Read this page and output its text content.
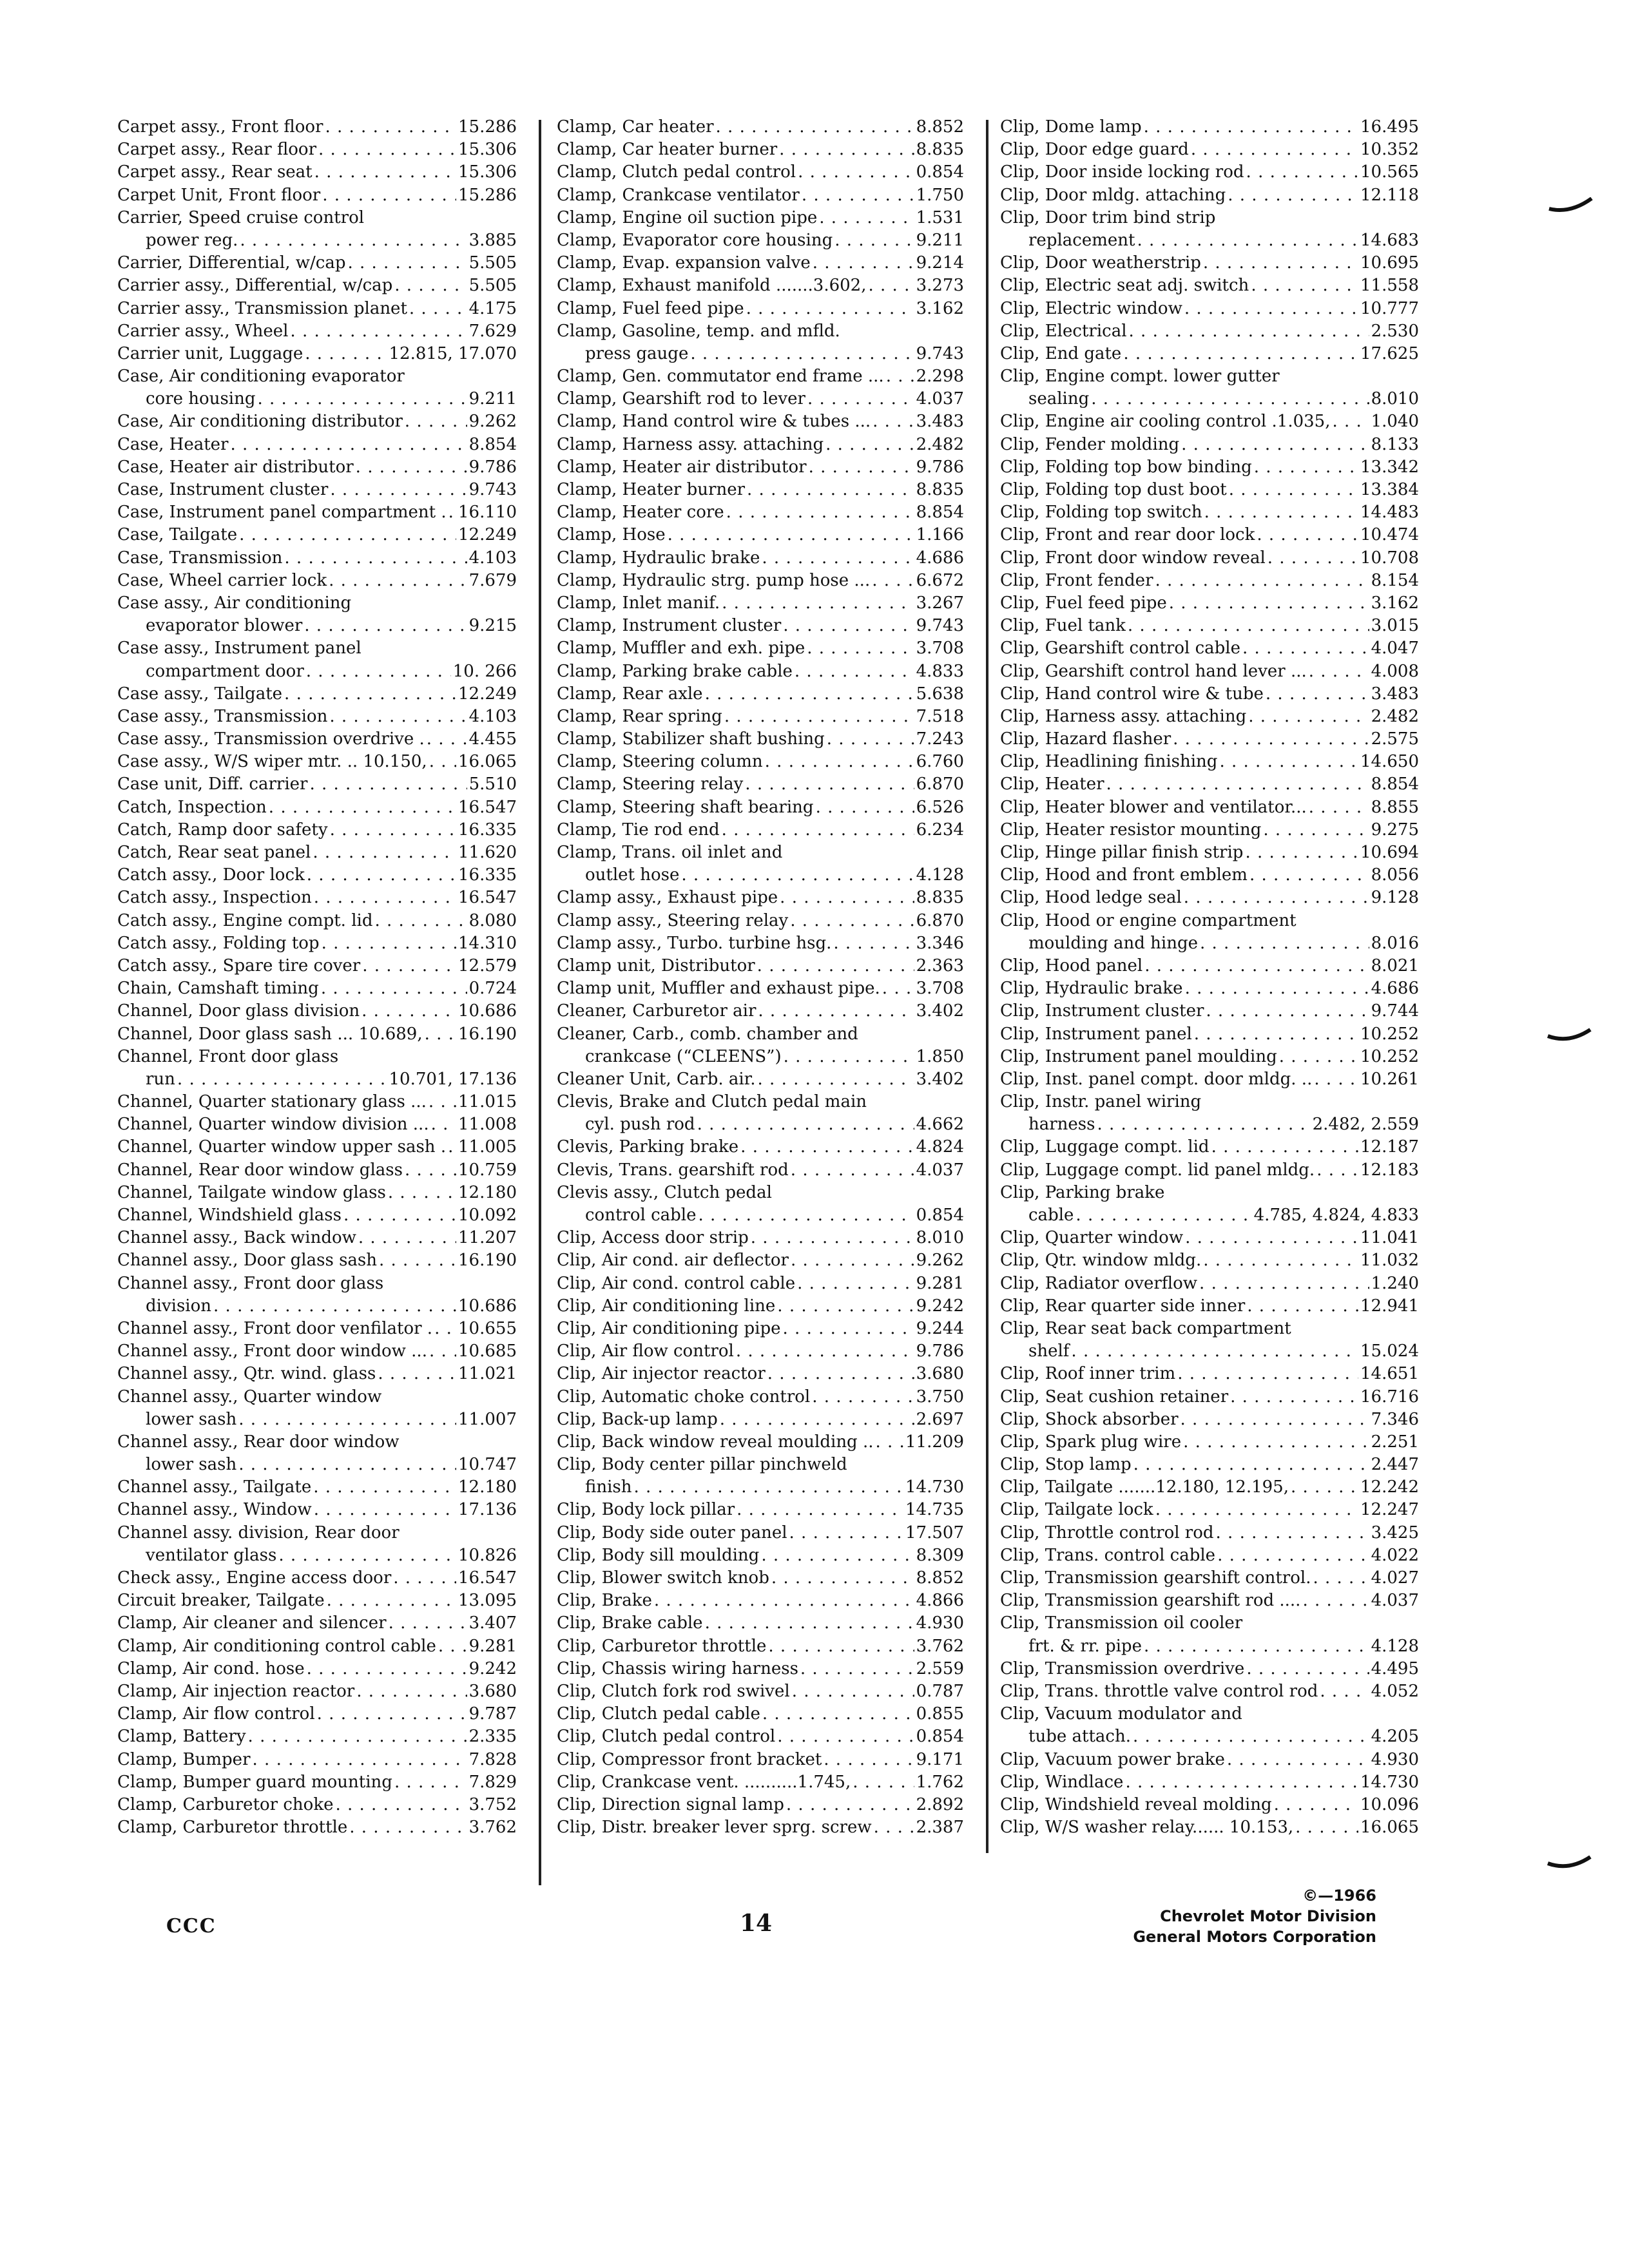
Carpet assy., Front floor . . .	15.286
Carpet assy., Rear floor . . .	15.306
Carpet assy., Rear seat . . .	15.306
Carpet Unit, Front floor . . .	15.286
Carrier, Speed cruise control
power reg. . . .	3.885
Carrier, Differential, w/cap . . .	5.505
Carrier assy., Differential, w/cap . . .	5.505
Carrier assy., Transmission planet . . .	4.175
Carrier assy., Wheel . . .	7.629
Carrier unit, Luggage . . .	12.815, 17.070
Case, Air conditioning evaporator
core housing . . .	9.211
Case, Air conditioning distributor . . .	9.262
Case, Heater . . .	8.854
Case, Heater air distributor . . .	9.786
Case, Instrument cluster . . .	9.743
Case, Instrument panel compartment . . . . 16.110
Case, Tailgate . . .	12.249
Case, Transmission . . .	4.103
Case, Wheel carrier lock . . .	7.679
Case assy., Air conditioning
evaporator blower . . .	9.215
Case assy., Instrument panel
compartment door . . .	10. 266
Case assy., Tailgate . . .	12.249
Case assy., Transmission . . .	4.103
Case assy., Transmission overdrive . . . .	4.455
Case assy., W/S wiper mtr. .. 10.150, . . . 16.065
Case unit, Diff. carrier . . .	5.510
Catch, Inspection . . .	16.547
Catch, Ramp door safety . . .	16.335
Catch, Rear seat panel . . .	11.620
Catch assy., Door lock . . .	16.335
Catch assy., Inspection . . .	16.547
Catch assy., Engine compt. lid . . .	8.080
Catch assy., Folding top . . .	14.310
Catch assy., Spare tire cover . . .	12.579
Chain, Camshaft timing . . .	0.724
Channel, Door glass division . . .	10.686
Channel, Door glass sash ... 10.689, . . . 16.190
Channel, Front door glass
run . . .	10.701, 17.136
Channel, Quarter stationary glass ... . . . 11.015
Channel, Quarter window division ... . . . 11.008
Channel, Quarter window upper sash . . . . 11.005
Channel, Rear door window glass . . .	10.759
Channel, Tailgate window glass . . .	12.180
Channel, Windshield glass . . .	10.092
Channel assy., Back window . . .	11.207
Channel assy., Door glass sash . . .	16.190
Channel assy., Front door glass
division . . .	10.686
Channel assy., Front door venfilator . . . . 10.655
Channel assy., Front door window ... . . . 10.685
Channel assy., Qtr. wind. glass . . .	11.021
Channel assy., Quarter window
lower sash . . .	11.007
Channel assy., Rear door window
lower sash . . .	10.747
Channel assy., Tailgate . . .	12.180
Channel assy., Window . . .	17.136
Channel assy. division, Rear door
ventilator glass . . .	10.826
Check assy., Engine access door . . .	16.547
Circuit breaker, Tailgate . . .	13.095
Clamp, Air cleaner and silencer . . .	3.407
Clamp, Air conditioning control cable . . . 9.281
Clamp, Air cond. hose . . .	9.242
Clamp, Air injection reactor . . .	3.680
Clamp, Air flow control . . .	9.787
Clamp, Battery . . .	2.335
Clamp, Bumper . . .	7.828
Clamp, Bumper guard mounting . . .	7.829
Clamp, Carburetor choke . . .	3.752
Clamp, Carburetor throttle . . .	3.762
Clamp, Car heater . . .	8.852
Clamp, Car heater burner . . .	8.835
Clamp, Clutch pedal control . . .	0.854
Clamp, Crankcase ventilator . . .	1.750
Clamp, Engine oil suction pipe . . .	1.531
Clamp, Evaporator core housing . . .	9.211
Clamp, Evap. expansion valve . . .	9.214
Clamp, Exhaust manifold .......3.602, . . .	3.273
Clamp, Fuel feed pipe . . .	3.162
Clamp, Gasoline, temp. and mfld.
press gauge . . .	9.743
Clamp, Gen. commutator end frame ... . . . 2.298
Clamp, Gearshift rod to lever . . .	4.037
Clamp, Hand control wire & tubes ... . . .	3.483
Clamp, Harness assy. attaching . . .	2.482
Clamp, Heater air distributor . . .	9.786
Clamp, Heater burner . . .	8.835
Clamp, Heater core . . .	8.854
Clamp, Hose . . .	1.166
Clamp, Hydraulic brake . . .	4.686
Clamp, Hydraulic strg. pump hose ... . . .	6.672
Clamp, Inlet manif. . . .	3.267
Clamp, Instrument cluster . . .	9.743
Clamp, Muffler and exh. pipe . . .	3.708
Clamp, Parking brake cable . . .	4.833
Clamp, Rear axle . . .	5.638
Clamp, Rear spring . . .	7.518
Clamp, Stabilizer shaft bushing . . .	7.243
Clamp, Steering column . . .	6.760
Clamp, Steering relay . . .	6.870
Clamp, Steering shaft bearing . . .	6.526
Clamp, Tie rod end . . .	6.234
Clamp, Trans. oil inlet and
outlet hose . . .	4.128
Clamp assy., Exhaust pipe . . .	8.835
Clamp assy., Steering relay . . .	6.870
Clamp assy., Turbo. turbine hsg. . . .	3.346
Clamp unit, Distributor . . .	2.363
Clamp unit, Muffler and exhaust pipe. . . . 3.708
Cleaner, Carburetor air . . .	3.402
Cleaner, Carb., comb. chamber and
crankcase (“CLEENS”) . . .	1.850
Cleaner Unit, Carb. air. . . .	3.402
Clevis, Brake and Clutch pedal main
cyl. push rod . . .	4.662
Clevis, Parking brake . . .	4.824
Clevis, Trans. gearshift rod . . .	4.037
Clevis assy., Clutch pedal
control cable . . .	0.854
Clip, Access door strip . . .	8.010
Clip, Air cond. air deflector . . .	9.262
Clip, Air cond. control cable . . .	9.281
Clip, Air conditioning line . . .	9.242
Clip, Air conditioning pipe . . .	9.244
Clip, Air flow control . . .	9.786
Clip, Air injector reactor . . .	3.680
Clip, Automatic choke control . . .	3.750
Clip, Back-up lamp . . .	2.697
Clip, Back window reveal moulding .. . . . 11.209
Clip, Body center pillar pinchweld
finish . . .	14.730
Clip, Body lock pillar . . .	14.735
Clip, Body side outer panel . . .	17.507
Clip, Body sill moulding . . .	8.309
Clip, Blower switch knob . . .	8.852
Clip, Brake . . .	4.866
Clip, Brake cable . . .	4.930
Clip, Carburetor throttle . . .	3.762
Clip, Chassis wiring harness . . .	2.559
Clip, Clutch fork rod swivel . . .	0.787
Clip, Clutch pedal cable . . .	0.855
Clip, Clutch pedal control . . .	0.854
Clip, Compressor front bracket . . .	9.171
Clip, Crankcase vent. ..........1.745, . . .	1.762
Clip, Direction signal lamp . . .	2.892
Clip, Distr. breaker lever sprg. screw . . .	2.387
Clip, Dome lamp . . .	16.495
Clip, Door edge guard . . .	10.352
Clip, Door inside locking rod . . .	10.565
Clip, Door mldg. attaching . . .	12.118
Clip, Door trim bind strip
replacement . . .	14.683
Clip, Door weatherstrip . . .	10.695
Clip, Electric seat adj. switch . . .	11.558
Clip, Electric window . . .	10.777
Clip, Electrical . . .	2.530
Clip, End gate . . .	17.625
Clip, Engine compt. lower gutter
sealing . . .	8.010
Clip, Engine air cooling control .1.035, . . . 1.040
Clip, Fender molding . . .	8.133
Clip, Folding top bow binding . . .	13.342
Clip, Folding top dust boot . . .	13.384
Clip, Folding top switch . . .	14.483
Clip, Front and rear door lock . . .	10.474
Clip, Front door window reveal . . .	10.708
Clip, Front fender . . .	8.154
Clip, Fuel feed pipe . . .	3.162
Clip, Fuel tank . . .	3.015
Clip, Gearshift control cable . . .	4.047
Clip, Gearshift control hand lever ... . . .	4.008
Clip, Hand control wire & tube . . .	3.483
Clip, Harness assy. attaching . . .	2.482
Clip, Hazard flasher . . .	2.575
Clip, Headlining finishing . . .	14.650
Clip, Heater . . .	8.854
Clip, Heater blower and ventilator... . . .	8.855
Clip, Heater resistor mounting . . .	9.275
Clip, Hinge pillar finish strip . . .	10.694
Clip, Hood and front emblem . . .	8.056
Clip, Hood ledge seal . . .	9.128
Clip, Hood or engine compartment
moulding and hinge . . .	8.016
Clip, Hood panel . . .	8.021
Clip, Hydraulic brake . . .	4.686
Clip, Instrument cluster . . .	9.744
Clip, Instrument panel . . .	10.252
Clip, Instrument panel moulding . . .	10.252
Clip, Inst. panel compt. door mldg. .. . . .	10.261
Clip, Instr. panel wiring
harness . . .	2.482, 2.559
Clip, Luggage compt. lid . . .	12.187
Clip, Luggage compt. lid panel mldg. . . .	12.183
Clip, Parking brake
cable . . .	4.785, 4.824, 4.833
Clip, Quarter window . . .	11.041
Clip, Qtr. window mldg. . . .	11.032
Clip, Radiator overflow . . .	1.240
Clip, Rear quarter side inner . . .	12.941
Clip, Rear seat back compartment
shelf . . .	15.024
Clip, Roof inner trim . . .	14.651
Clip, Seat cushion retainer . . .	16.716
Clip, Shock absorber . . .	7.346
Clip, Spark plug wire . . .	2.251
Clip, Stop lamp . . .	2.447
Clip, Tailgate .......12.180, 12.195, . . .	12.242
Clip, Tailgate lock . . .	12.247
Clip, Throttle control rod . . .	3.425
Clip, Trans. control cable . . .	4.022
Clip, Transmission gearshift control. . . .	4.027
Clip, Transmission gearshift rod .... . . .	4.037
Clip, Transmission oil cooler
frt. & rr. pipe . . .	4.128
Clip, Transmission overdrive . . .	4.495
Clip, Trans. throttle valve control rod . . .	4.052
Clip, Vacuum modulator and
tube attach. . . .	4.205
Clip, Vacuum power brake . . .	4.930
Clip, Windlace . . .	14.730
Clip, Windshield reveal molding . . .	10.096
Clip, W/S washer relay...... 10.153, . . .	16.065
CCC	14
©—1966
Chevrolet Motor Division
General Motors Corporation
